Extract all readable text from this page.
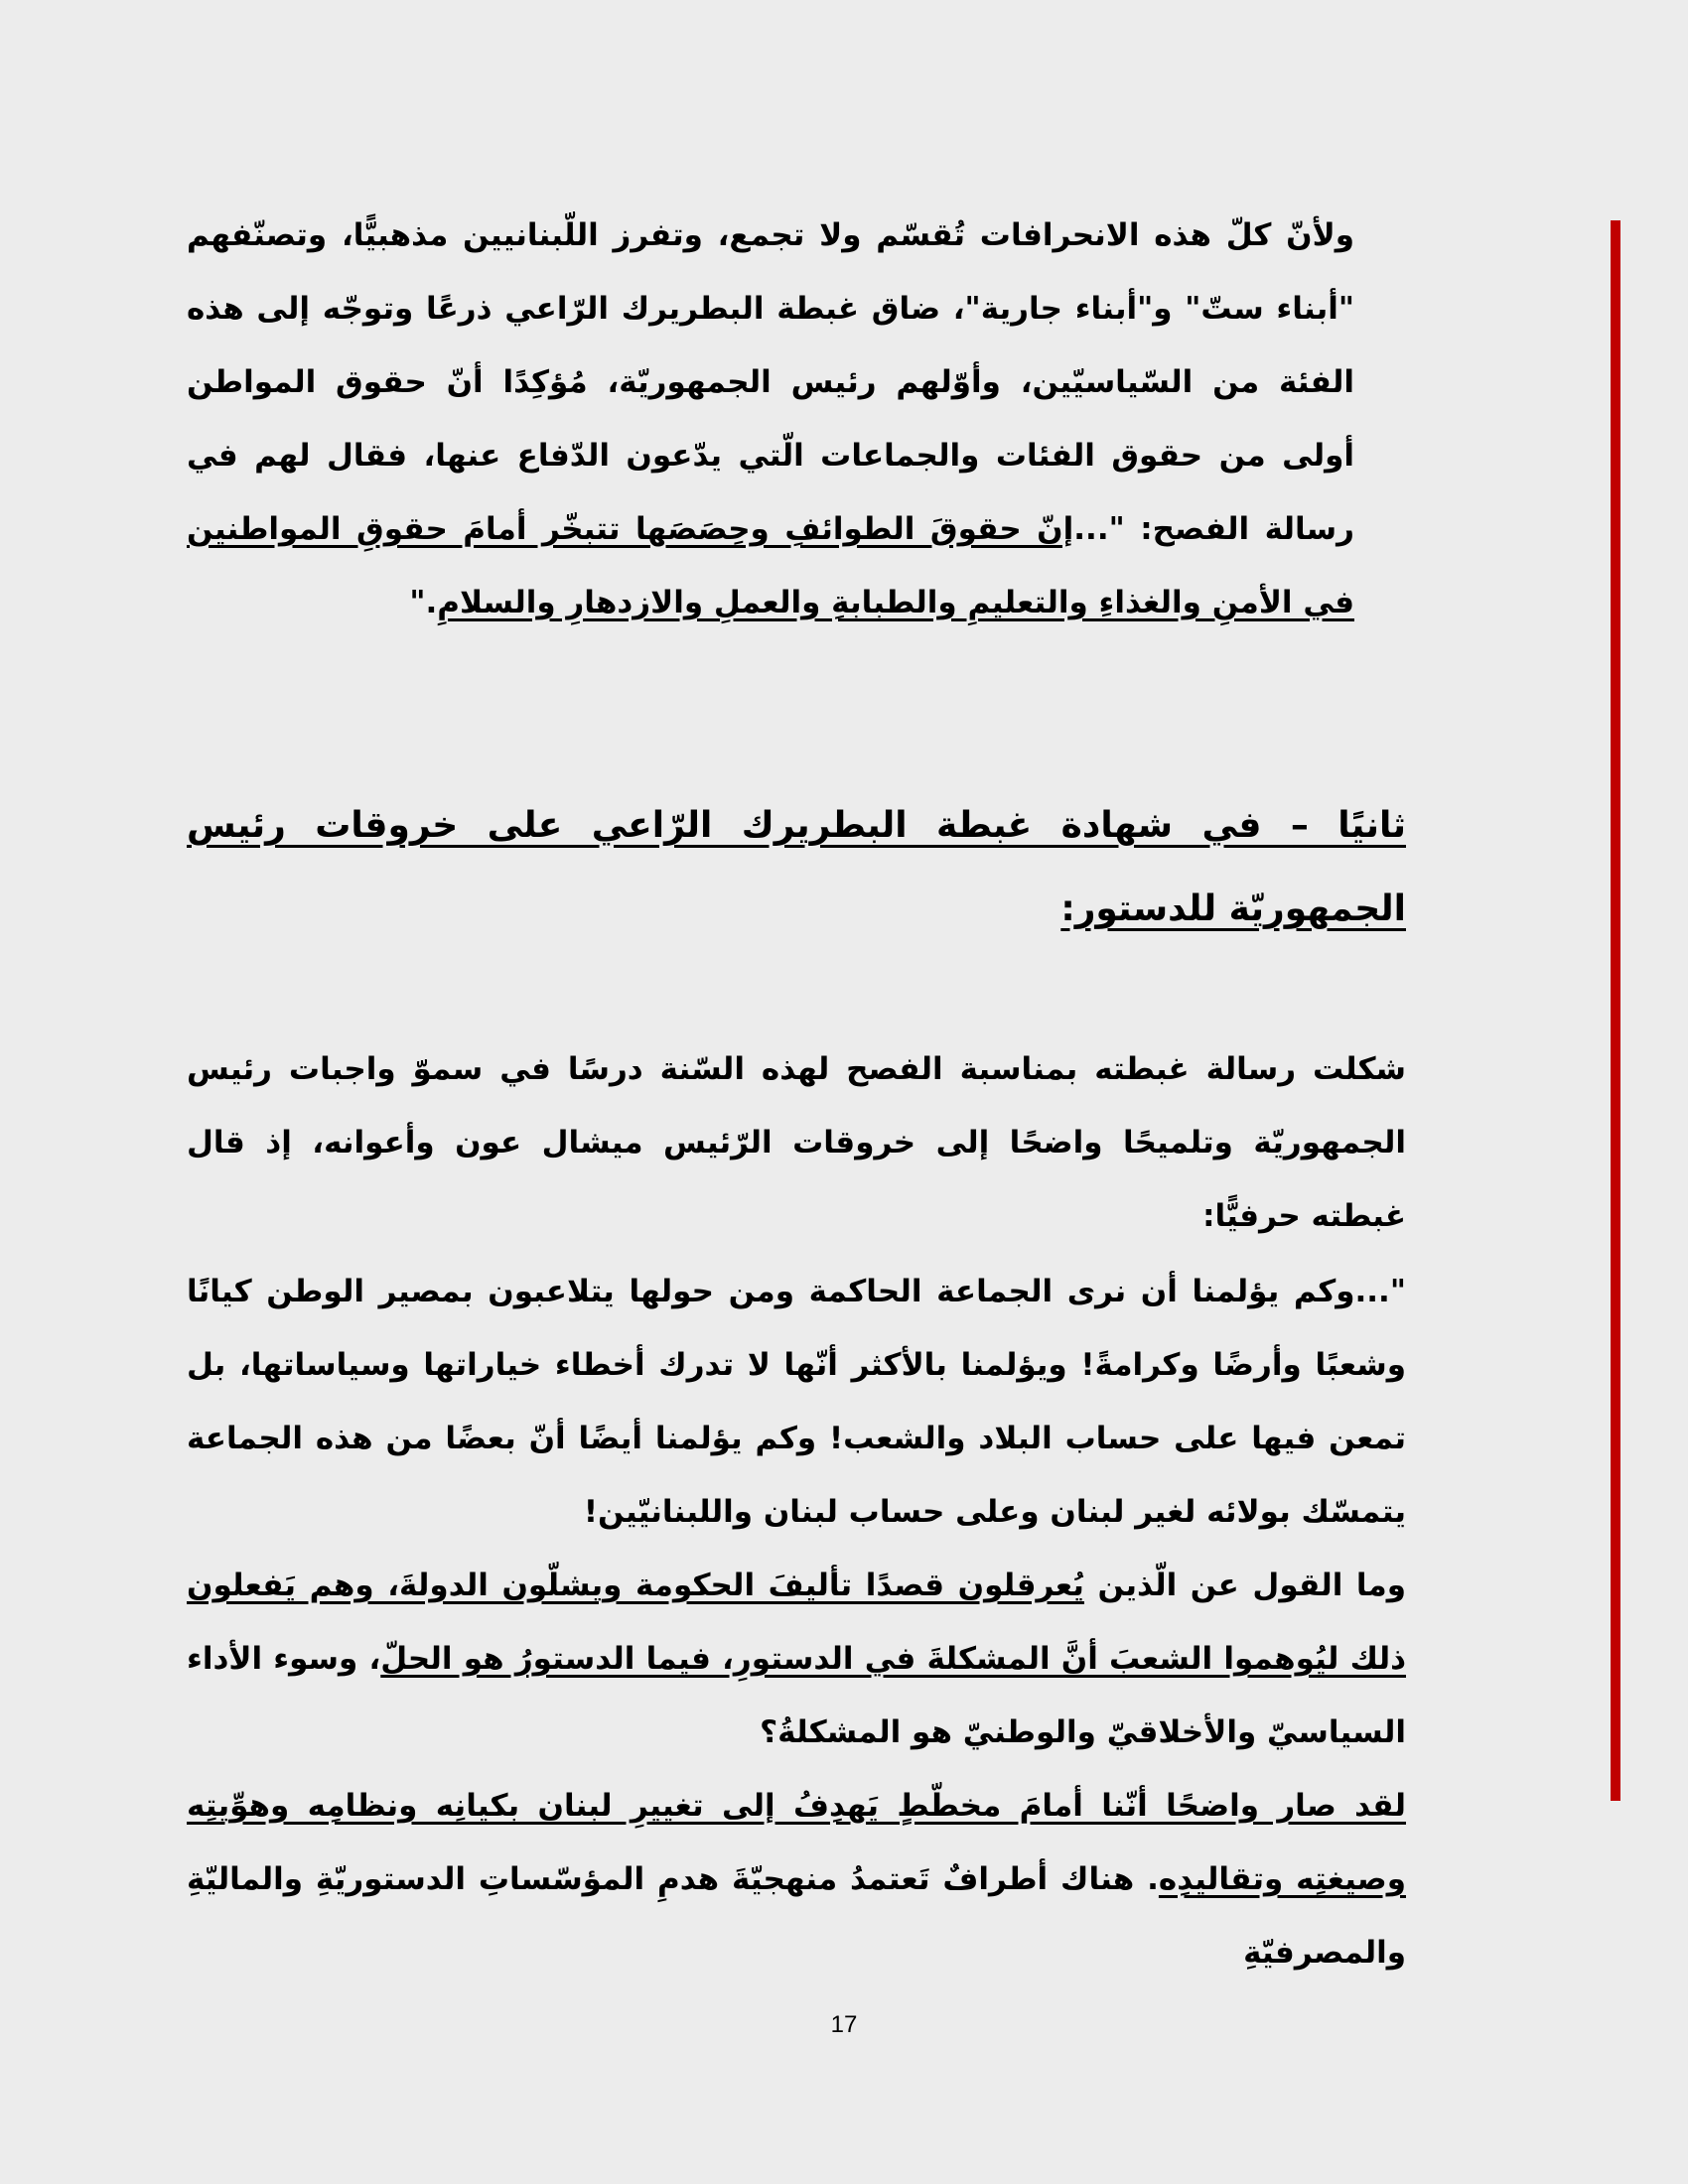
ولأنّ كلّ هذه الانحرافات تُقسّم ولا تجمع، وتفرز اللّبنانيين مذهبيًّا، وتصنّفهم "أبناء ستّ" و"أبناء جارية"، ضاق غبطة البطريرك الرّاعي ذرعًا وتوجّه إلى هذه الفئة من السّياسيّين، وأوّلهم رئيس الجمهوريّة، مُؤكِدًا أنّ حقوق المواطن أولى من حقوق الفئات والجماعات الّتي يدّعون الدّفاع عنها، فقال لهم في رسالة الفصح: "...إنّ حقوقَ الطوائفِ وحِصَصَها تتبخّر أمامَ حقوقِ المواطنين في الأمنِ والغذاءِ والتعليمِ والطبابةِ والعملِ والازدهارِ والسلامِ."

ثانيًا – في شهادة غبطة البطريرك الرّاعي على خروقات رئيس الجمهوريّة للدستور:

شكلت رسالة غبطته بمناسبة الفصح لهذه السّنة درسًا في سموّ واجبات رئيس الجمهوريّة وتلميحًا واضحًا إلى خروقات الرّئيس ميشال عون وأعوانه، إذ قال غبطته حرفيًّا:

"...وكم يؤلمنا أن نرى الجماعة الحاكمة ومن حولها يتلاعبون بمصير الوطن كيانًا وشعبًا وأرضًا وكرامةً! ويؤلمنا بالأكثر أنّها لا تدرك أخطاء خياراتها وسياساتها، بل تمعن فيها على حساب البلاد والشعب! وكم يؤلمنا أيضًا أنّ بعضًا من هذه الجماعة يتمسّك بولائه لغير لبنان وعلى حساب لبنان واللبنانيّين!

وما القول عن الّذين يُعرقلون قصدًا تأليفَ الحكومة ويشلّون الدولةَ، وهم يَفعلون ذلك ليُوهموا الشعبَ أنَّ المشكلةَ في الدستورِ، فيما الدستورُ هو الحلّ، وسوء الأداء السياسيّ والأخلاقيّ والوطنيّ هو المشكلةُ؟

لقد صار واضحًا أنّنا أمامَ مخطّطٍ يَهدِفُ إلى تغييرِ لبنان بكيانِه ونظامِه وهوِّيتِه وصيغتِه وتقاليدِه. هناك أطرافٌ تَعتمدُ منهجيّةَ هدمِ المؤسّساتِ الدستوريّةِ والماليّةِ والمصرفيّةِ

17
